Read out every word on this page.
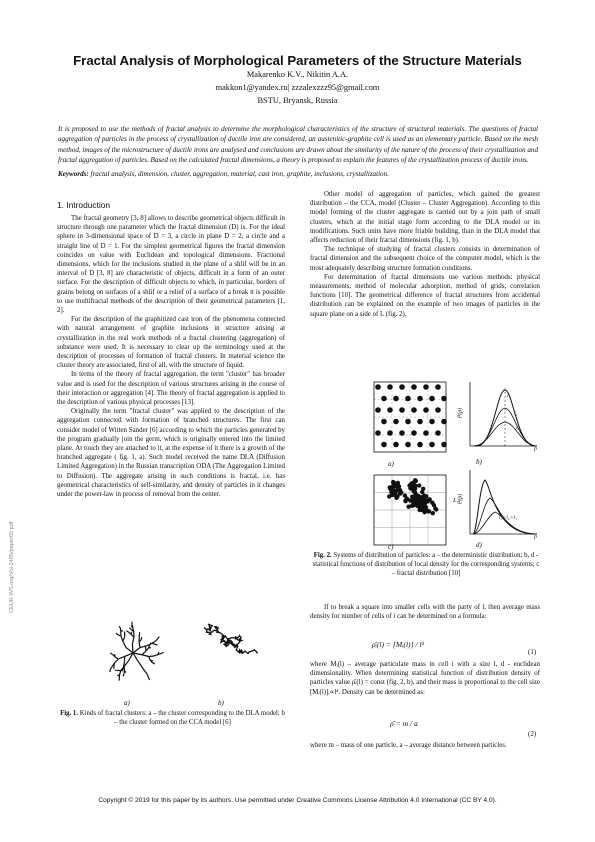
CEUR-WS.org/Vol-2485/paper65.pdf
Fractal Analysis of Morphological Parameters of the Structure Materials
Makarenko K.V., Nikitin A.A.
makkon1@yandex.ru| zzzalexzzz95@gmail.com
BSTU, Bryansk, Russia
It is proposed to use the methods of fractal analysis to determine the morphological characteristics of the structure of structural materials. The questions of fractal aggregation of particles in the process of crystallization of ductile iron are considered, an austenitic-graphite cell is used as an elementary particle. Based on the mesh method, images of the microstructure of ductile irons are analysed and conclusions are drawn about the similarity of the nature of the process of their crystallization and fractal aggregation of particles. Based on the calculated fractal dimensions, a theory is proposed to explain the features of the crystallization process of ductile irons.
Keywords: fractal analysis, dimension, cluster, aggregation, material, cast iron, graphite, inclusions, crystallization.
1. Introduction

The fractal geometry [3, 8] allows to describe geometrical objects difficult in structure through one parameter which the fractal dimension (D) is. For the ideal sphere in 3-dimensional space of D = 3, a circle in plane D = 2, a circle and a straight line of D = 1. For the simplest geometrical figures the fractal dimension coincides on value with Euclidean and topological dimensions. Fractional dimensions, which for the inclusions studied in the plane of a shlif will be in an interval of D [3, 8] are characteristic of objects, difficult in a form of an outer surface. For the description of difficult objects to which, in particular, borders of grains belong on surfaces of a shlif or a relief of a surface of a break it is possible to use multifractal methods of the description of their geometrical parameters [1, 2].

For the description of the graphitized cast iron of the phenomena connected with natural arrangement of graphite inclusions in structure arising at crystallization in the real work methods of a fractal clustering (aggregation) of substance were used. It is necessary to clear up the terminology used at the description of processes of formation of fractal clusters. In material science the cluster theory are associated, first of all, with the structure of liquid.

In terms of the theory of fractal aggregation, the term "cluster" has broader value and is used for the description of various structures arising in the course of their interaction or aggregation [4]. The theory of fractal aggregation is applied to the description of various physical processes [13].

Originally the term "fractal cluster" was applied to the description of the aggregation connected with formation of branched structures. The first can consider model of Witten Sander [6] according to which the particles generated by the program gradually join the germ, which is originally entered into the limited plane. At touch they are attached to it, at the expense of it there is a growth of the branched aggregate ( fig. 1, a). Such model received the name DLA (Diffusion Limited Aggregation) in the Russian transcription ODA (The Aggregation Limited to Diffusion). The aggregate arising in such conditions is fractal, i.e. has geometrical characteristics of self-similarity, and density of particles in it changes under the power-law in process of removal from the center.

a)	b)
Fig. 1. Kinds of fractal clusters: a – the cluster corresponding to the DLA model; b – the cluster formed on the CCA model [6]

Other model of aggregation of particles, which gained the greatest distribution – the CCA, model (Cluster – Cluster Aggregation). According to this model forming of the cluster aggregate is carried out by a join path of small clusters, which at the initial stage form according to the DLA model or its modifications. Such units have more friable building, than in the DLA model that affects reduction of their fractal dimensions (fig. 1, b).

The technique of studying of fractal clusters consists in determination of fractal dimension and the subsequent choice of the computer model, which is the most adequately describing structure formation conditions.

For determination of fractal dimensions use various methods: physical measurements, method of molecular adsorption, method of grids, correlation functions [10]. The geometrical difference of fractal structures from accidental distribution can be explained on the example of two images of particles in the square plane on a side of L (fig. 2).

P(ρ)
ρ
l₁
l₂
l₃
P(ρ)
ρ
l₃>l₂>l₁
L
l
a)	b)
c)	d)
Fig. 2. Systems of distribution of particles: a – the deterministic distribution; b, d - statistical functions of distribution of local density for the corresponding systems; c – fractal distribution [10]

If to break a square into smaller cells with the party of l, then average mass density for number of cells of i can be determined on a formula:

ρ̄ᵢ(l) = [Mᵢ(l)] / lᵈ
(1)

where Mᵢ(l) – average particulate mass in cell i with a size l, d - euclidean dimensionality. When determining statistical function of distribution density of particles value ρ̄ᵢ(l) = const (fig. 2, b), and their mass is proportional to the cell size [Mᵢ(l)]ᵢ∝lᵈ. Density can be determined as:

ρ̄ = m / a
(2)

where m – mass of one particle, a – average distance between particles.

Copyright © 2019 for this paper by its authors. Use permitted under Creative Commons License Attribution 4.0 International (CC BY 4.0).
